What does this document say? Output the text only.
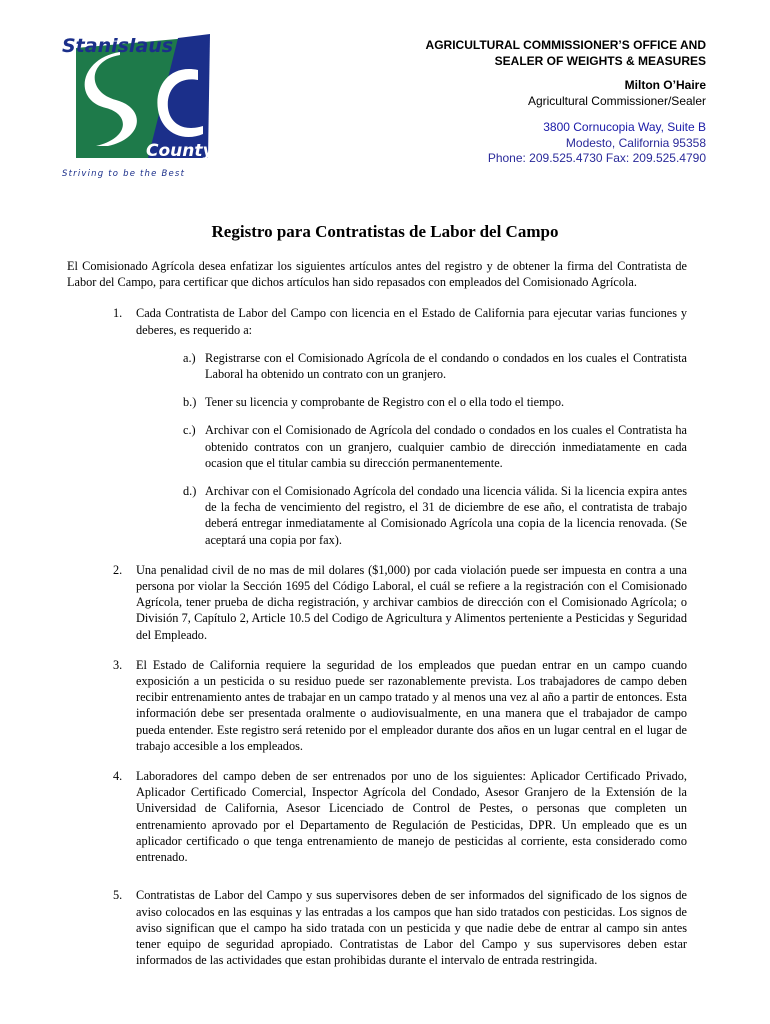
Stanislaus
County
Striving to be the Best
AGRICULTURAL COMMISSIONER’S OFFICE AND
SEALER OF WEIGHTS & MEASURES
Milton O’Haire
Agricultural Commissioner/Sealer
3800 Cornucopia Way, Suite B
Modesto, California 95358
Phone: 209.525.4730 Fax: 209.525.4790
Registro para Contratistas de Labor del Campo

El Comisionado Agrícola desea enfatizar los siguientes artículos antes del registro y de obtener la firma del Contratista de Labor del Campo, para certificar que dichos artículos han sido repasados con empleados del Comisionado Agrícola.

1. Cada Contratista de Labor del Campo con licencia en el Estado de California para ejecutar varias funciones y deberes, es requerido a:
a.) Registrarse con el Comisionado Agrícola de el condando o condados en los cuales el Contratista Laboral ha obtenido un contrato con un granjero.
b.) Tener su licencia y comprobante de Registro con el o ella todo el tiempo.
c.) Archivar con el Comisionado de Agrícola del condado o condados en los cuales el Contratista ha obtenido contratos con un granjero, cualquier cambio de dirección inmediatamente en cada ocasion que el titular cambia su dirección permanentemente.
d.) Archivar con el Comisionado Agrícola del condado una licencia válida. Si la licencia expira antes de la fecha de vencimiento del registro, el 31 de diciembre de ese año, el contratista de trabajo deberá entregar inmediatamente al Comisionado Agrícola una copia de la licencia renovada. (Se aceptará una copia por fax).
2. Una penalidad civil de no mas de mil dolares ($1,000) por cada violación puede ser impuesta en contra a una persona por violar la Sección 1695 del Código Laboral, el cuál se refiere a la registración con el Comisionado Agrícola, tener prueba de dicha registración, y archivar cambios de dirección con el Comisionado Agrícola; o División 7, Capítulo 2, Article 10.5 del Codigo de Agricultura y Alimentos perteniente a Pesticidas y Seguridad del Empleado.
3. El Estado de California requiere la seguridad de los empleados que puedan entrar en un campo cuando exposición a un pesticida o su residuo puede ser razonablemente prevista. Los trabajadores de campo deben recibir entrenamiento antes de trabajar en un campo tratado y al menos una vez al año a partir de entonces. Esta información debe ser presentada oralmente o audiovisualmente, en una manera que el trabajador de campo pueda entender. Este registro será retenido por el empleador durante dos años en un lugar central en el lugar de trabajo accesible a los empleados.
4. Laboradores del campo deben de ser entrenados por uno de los siguientes: Aplicador Certificado Privado, Aplicador Certificado Comercial, Inspector Agrícola del Condado, Asesor Granjero de la Extensión de la Universidad de California, Asesor Licenciado de Control de Pestes, o personas que completen un entrenamiento aprovado por el Departamento de Regulación de Pesticidas, DPR. Un empleado que es un aplicador certificado o que tenga entrenamiento de manejo de pesticidas al corriente, esta considerado como entrenado.
5. Contratistas de Labor del Campo y sus supervisores deben de ser informados del significado de los signos de aviso colocados en las esquinas y las entradas a los campos que han sido tratados con pesticidas. Los signos de aviso significan que el campo ha sido tratada con un pesticida y que nadie debe de entrar al campo sin antes tener equipo de seguridad apropiado. Contratistas de Labor del Campo y sus supervisores deben estar informados de las actividades que estan prohibidas durante el intervalo de entrada restringida.
